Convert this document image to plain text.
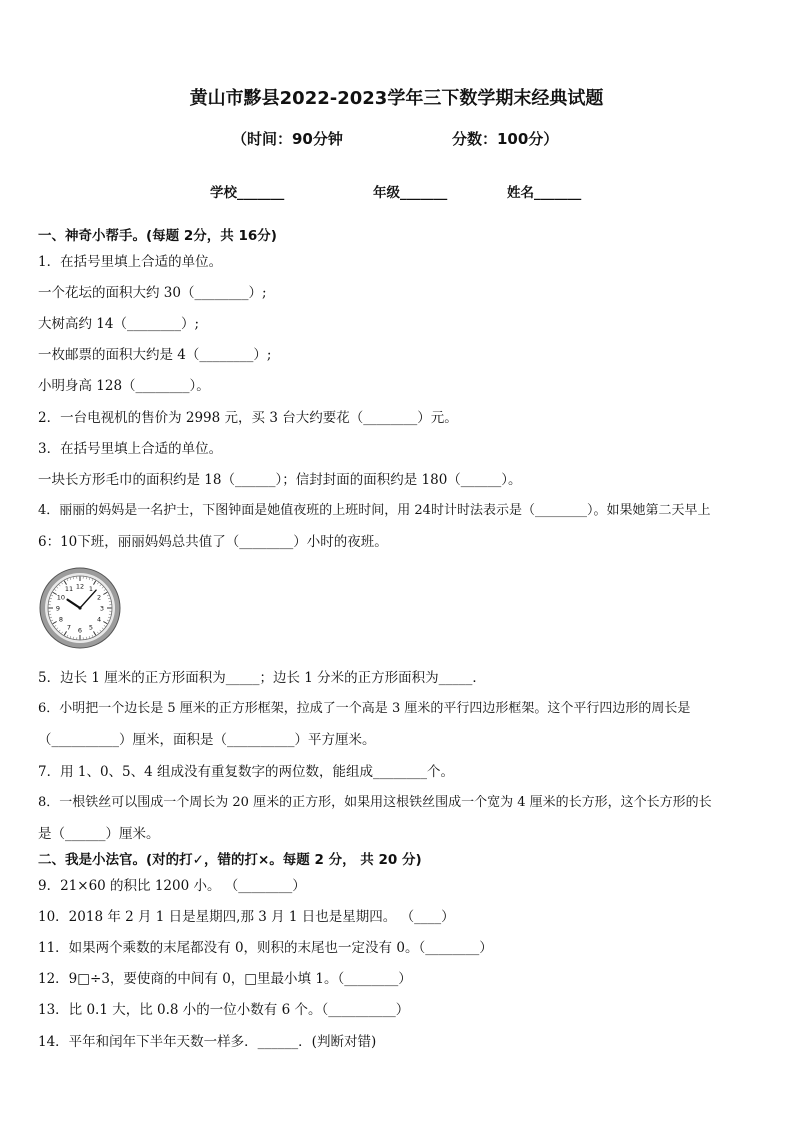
黄山市黟县2022-2023学年三下数学期末经典试题
（时间：90分钟	分数：100分）
学校_______	年级_______	姓名_______
一、神奇小帮手。(每题 2分，共 16分)
1．在括号里填上合适的单位。
一个花坛的面积大约 30（________）;
大树高约 14（________）;
一枚邮票的面积大约是 4（________）;
小明身高 128（________）。
2．一台电视机的售价为 2998 元，买 3 台大约要花（________）元。
3．在括号里填上合适的单位。
一块长方形毛巾的面积约是 18（______）；信封封面的面积约是 180（______）。
4．丽丽的妈妈是一名护士，下图钟面是她值夜班的上班时间，用 24时计时法表示是（________）。如果她第二天早上
6：10下班，丽丽妈妈总共值了（________）小时的夜班。
12 1
2
3
4
5
6
7
8
9
10
11
5．边长 1 厘米的正方形面积为_____；边长 1 分米的正方形面积为_____．
6．小明把一个边长是 5 厘米的正方形框架，拉成了一个高是 3 厘米的平行四边形框架。这个平行四边形的周长是
（__________）厘米，面积是（__________）平方厘米。
7．用 1、0、5、4 组成没有重复数字的两位数，能组成________个。
8．一根铁丝可以围成一个周长为 20 厘米的正方形，如果用这根铁丝围成一个宽为 4 厘米的长方形，这个长方形的长
是（______）厘米。
二、我是小法官。(对的打✓，错的打×。每题 2 分， 共 20 分)
9．21×60 的积比 1200 小。 （________）
10．2018 年 2 月 1 日是星期四,那 3 月 1 日也是星期四。 （____）
11．如果两个乘数的末尾都没有 0，则积的末尾也一定没有 0。（________）
12．9□÷3，要使商的中间有 0，□里最小填 1。（________）
13．比 0.1 大，比 0.8 小的一位小数有 6 个。（__________）
14．平年和闰年下半年天数一样多．______．(判断对错)
